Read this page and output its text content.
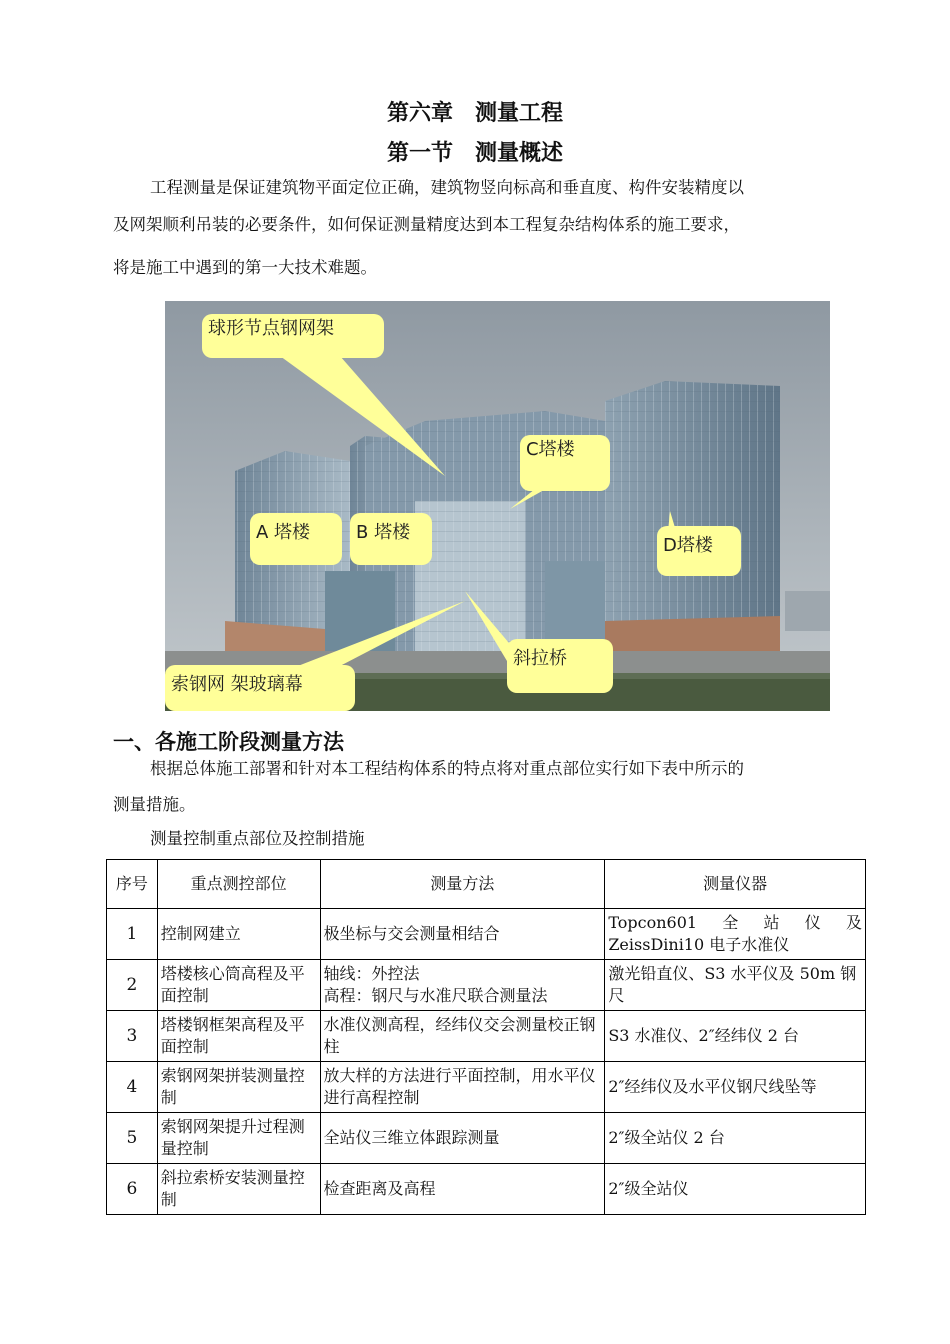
第六章　测量工程
第一节　测量概述
工程测量是保证建筑物平面定位正确，建筑物竖向标高和垂直度、构件安装精度以
及网架顺利吊装的必要条件，如何保证测量精度达到本工程复杂结构体系的施工要求，
将是施工中遇到的第一大技术难题。
球形节点钢网架
C塔楼
A 塔楼	B 塔楼
D塔楼
斜拉桥
索钢网 架玻璃幕
一、各施工阶段测量方法
根据总体施工部署和针对本工程结构体系的特点将对重点部位实行如下表中所示的
测量措施。
测量控制重点部位及控制措施
序号	重点测控部位	测量方法	测量仪器
1	控制网建立	极坐标与交会测量相结合	Topcon601　全　站　仪　及
ZeissDini10 电子水准仪

2	塔楼核心筒高程及平面控制	轴线：外控法
高程：钢尺与水准尺联合测量法	激光铅直仪、S3 水平仪及 50m 钢尺
3	塔楼钢框架高程及平面控制	水准仪测高程，经纬仪交会测量校正钢柱	S3 水准仪、2″经纬仪 2 台
4	索钢网架拼装测量控制	放大样的方法进行平面控制，用水平仪进行高程控制	2″经纬仪及水平仪钢尺线坠等
5	索钢网架提升过程测量控制	全站仪三维立体跟踪测量	2″级全站仪 2 台
6	斜拉索桥安装测量控制	检查距离及高程	2″级全站仪
